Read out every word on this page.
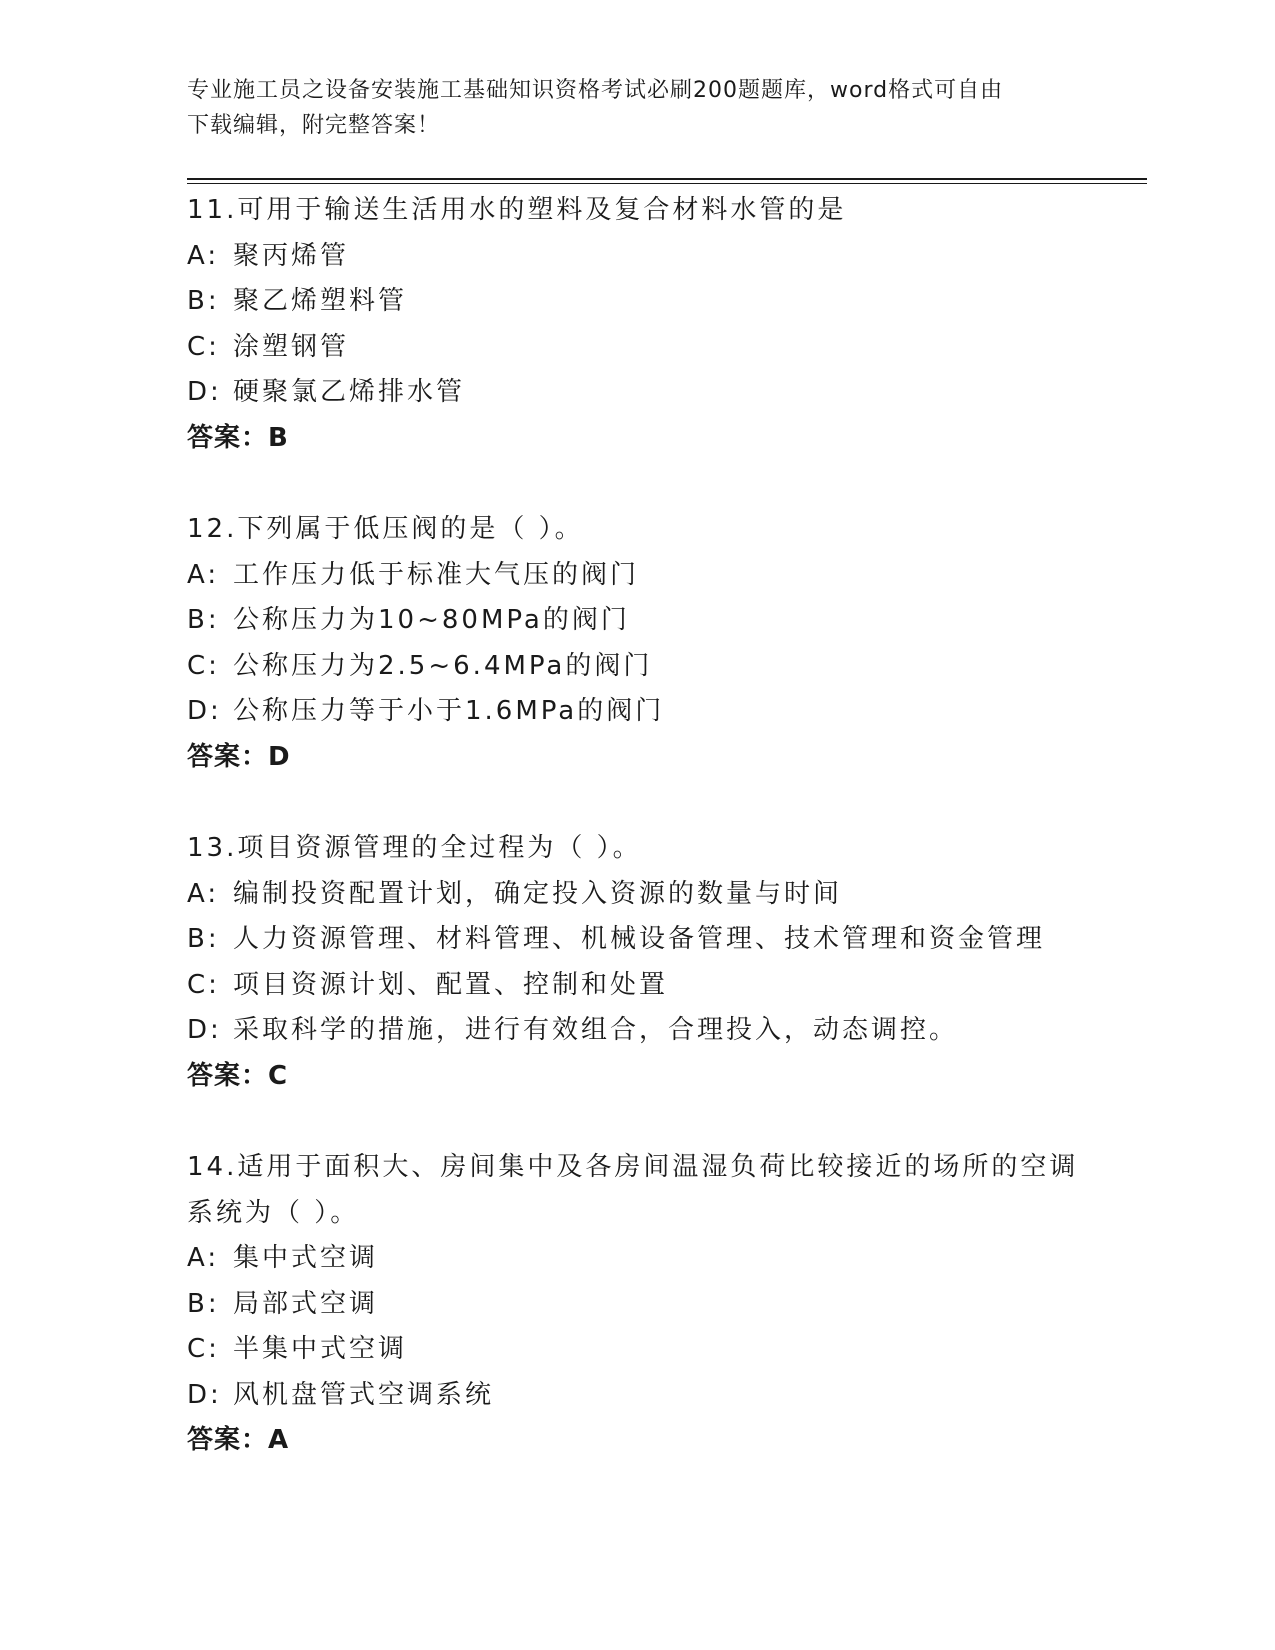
专业施工员之设备安装施工基础知识资格考试必刷200题题库，word格式可自由
下载编辑，附完整答案！
11.可用于输送生活用水的塑料及复合材料水管的是
A: 聚丙烯管
B: 聚乙烯塑料管
C: 涂塑钢管
D: 硬聚氯乙烯排水管
答案：B
12.下列属于低压阀的是（ ）。
A: 工作压力低于标准大气压的阀门
B: 公称压力为10~80MPa的阀门
C: 公称压力为2.5~6.4MPa的阀门
D: 公称压力等于小于1.6MPa的阀门
答案：D
13.项目资源管理的全过程为（ ）。
A: 编制投资配置计划，确定投入资源的数量与时间
B: 人力资源管理、材料管理、机械设备管理、技术管理和资金管理
C: 项目资源计划、配置、控制和处置
D: 采取科学的措施，进行有效组合，合理投入，动态调控。
答案：C
14.适用于面积大、房间集中及各房间温湿负荷比较接近的场所的空调系统为（ ）。
A: 集中式空调
B: 局部式空调
C: 半集中式空调
D: 风机盘管式空调系统
答案：A
